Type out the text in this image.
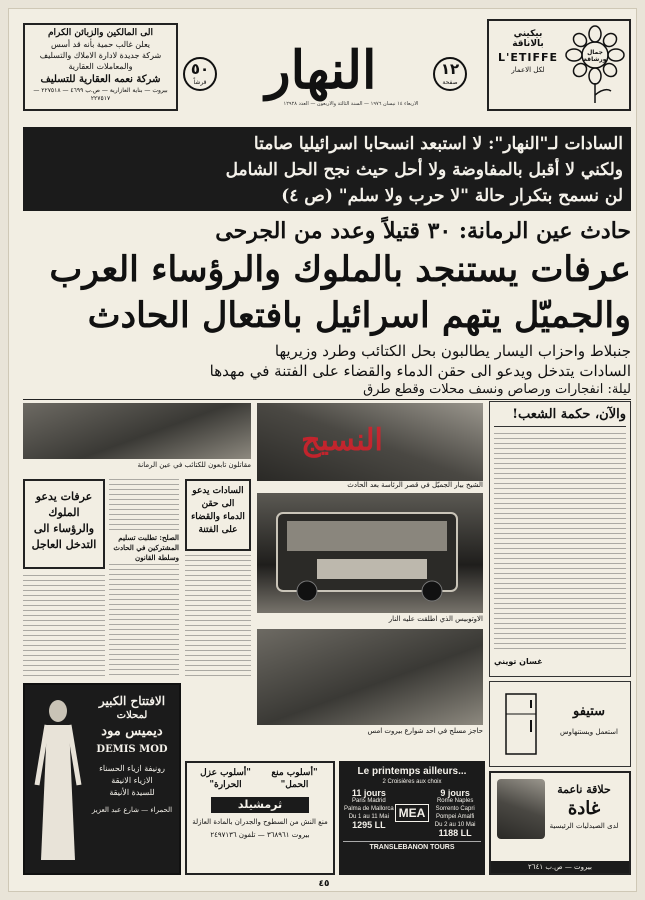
الى المالكين والزبائن الكرام
يعلن غالب حمية بأنه قد أسس
شركة جديدة لادارة الاملاك والتسليف
والمعاملات العقارية
شركة نعمه العقارية للتسليف
بيروت — بناية العازارية — ص.ب ٤٦٩٩ — ٢٢٧٥١٨ — ٢٢٧٥١٧
٥٠
قرشاً	النهار	١٢
صفحة
الاربعاء ١٤ نيسان ١٩٧٦ — السنة الثالثة والاربعون — العدد ١٢٩٢٨
جمال ورشاقة
بيكيني
بالاناقة
L'ETIFFE
لكل الاعمار
السادات لـ"النهار": لا استبعد انسحابا اسرائيليا صامتا
ولكني لا أقبل بالمفاوضة ولا أحل حيث نجح الحل الشامل
لن نسمح بتكرار حالة "لا حرب ولا سلم" (ص ٤)
حادث عين الرمانة: ٣٠ قتيلاً وعدد من الجرحى
عرفات يستنجد بالملوك والرؤساء العرب
والجميّل يتهم اسرائيل بافتعال الحادث
جنبلاط واحزاب اليسار يطالبون بحل الكتائب وطرد وزيريها
السادات يتدخل ويدعو الى حقن الدماء والقضاء على الفتنة في مهدها
ليلة: انفجارات ورصاص ونسف محلات وقطع طرق
مقاتلون تابعون للكتائب في عين الرمانة
عرفات يدعو الملوك والرؤساء الى التدخل العاجل
السادات يدعو الى حقن الدماء والقضاء على الفتنة
الصلح: تطلبت تسليم المشتركين في الحادث وسلطة القانون
الشيخ بيار الجميّل في قصر الرئاسة بعد الحادث
الاوتوبيس الذي اطلقت عليه النار
حاجز مسلح في احد شوارع بيروت امس
النسيج
والآن، حكمة الشعب!
غسان تويني
الافتتاح الكبير
لمحلات
ديميس مود
DEMIS MOD
رونيفة ازياء الحسناء
الازياء الانيقة
للسيدة الأنيقة
الحمراء — شارع عبد العزيز
"أسلوب منع الحمل"
"أسلوب عزل الحرارة"
ثرمشيلد
منع النش من السطوح والجدران بالمادة العازلة
بيروت ٣٦٨٩٦١ — تلفون ٢٤٩٧١٣٦
Le printemps ailleurs...
2 Croisières aux choix
11 jours
Paris Madrid Palma de Mallorca
Du 1 au 11 Mai
1295 LL
MEA
9 jours
Rome Naples Sorrento Capri Pompei Amalfi
Du 2 au 10 Mai
1188 LL
TRANSLEBANON TOURS
ستيفو
استعمل ويستنهاوس
حلاقة ناعمة
غادة
لدى الصيدليات الرئيسية
بيروت — ص.ب ٢٦٤١
٤٥
